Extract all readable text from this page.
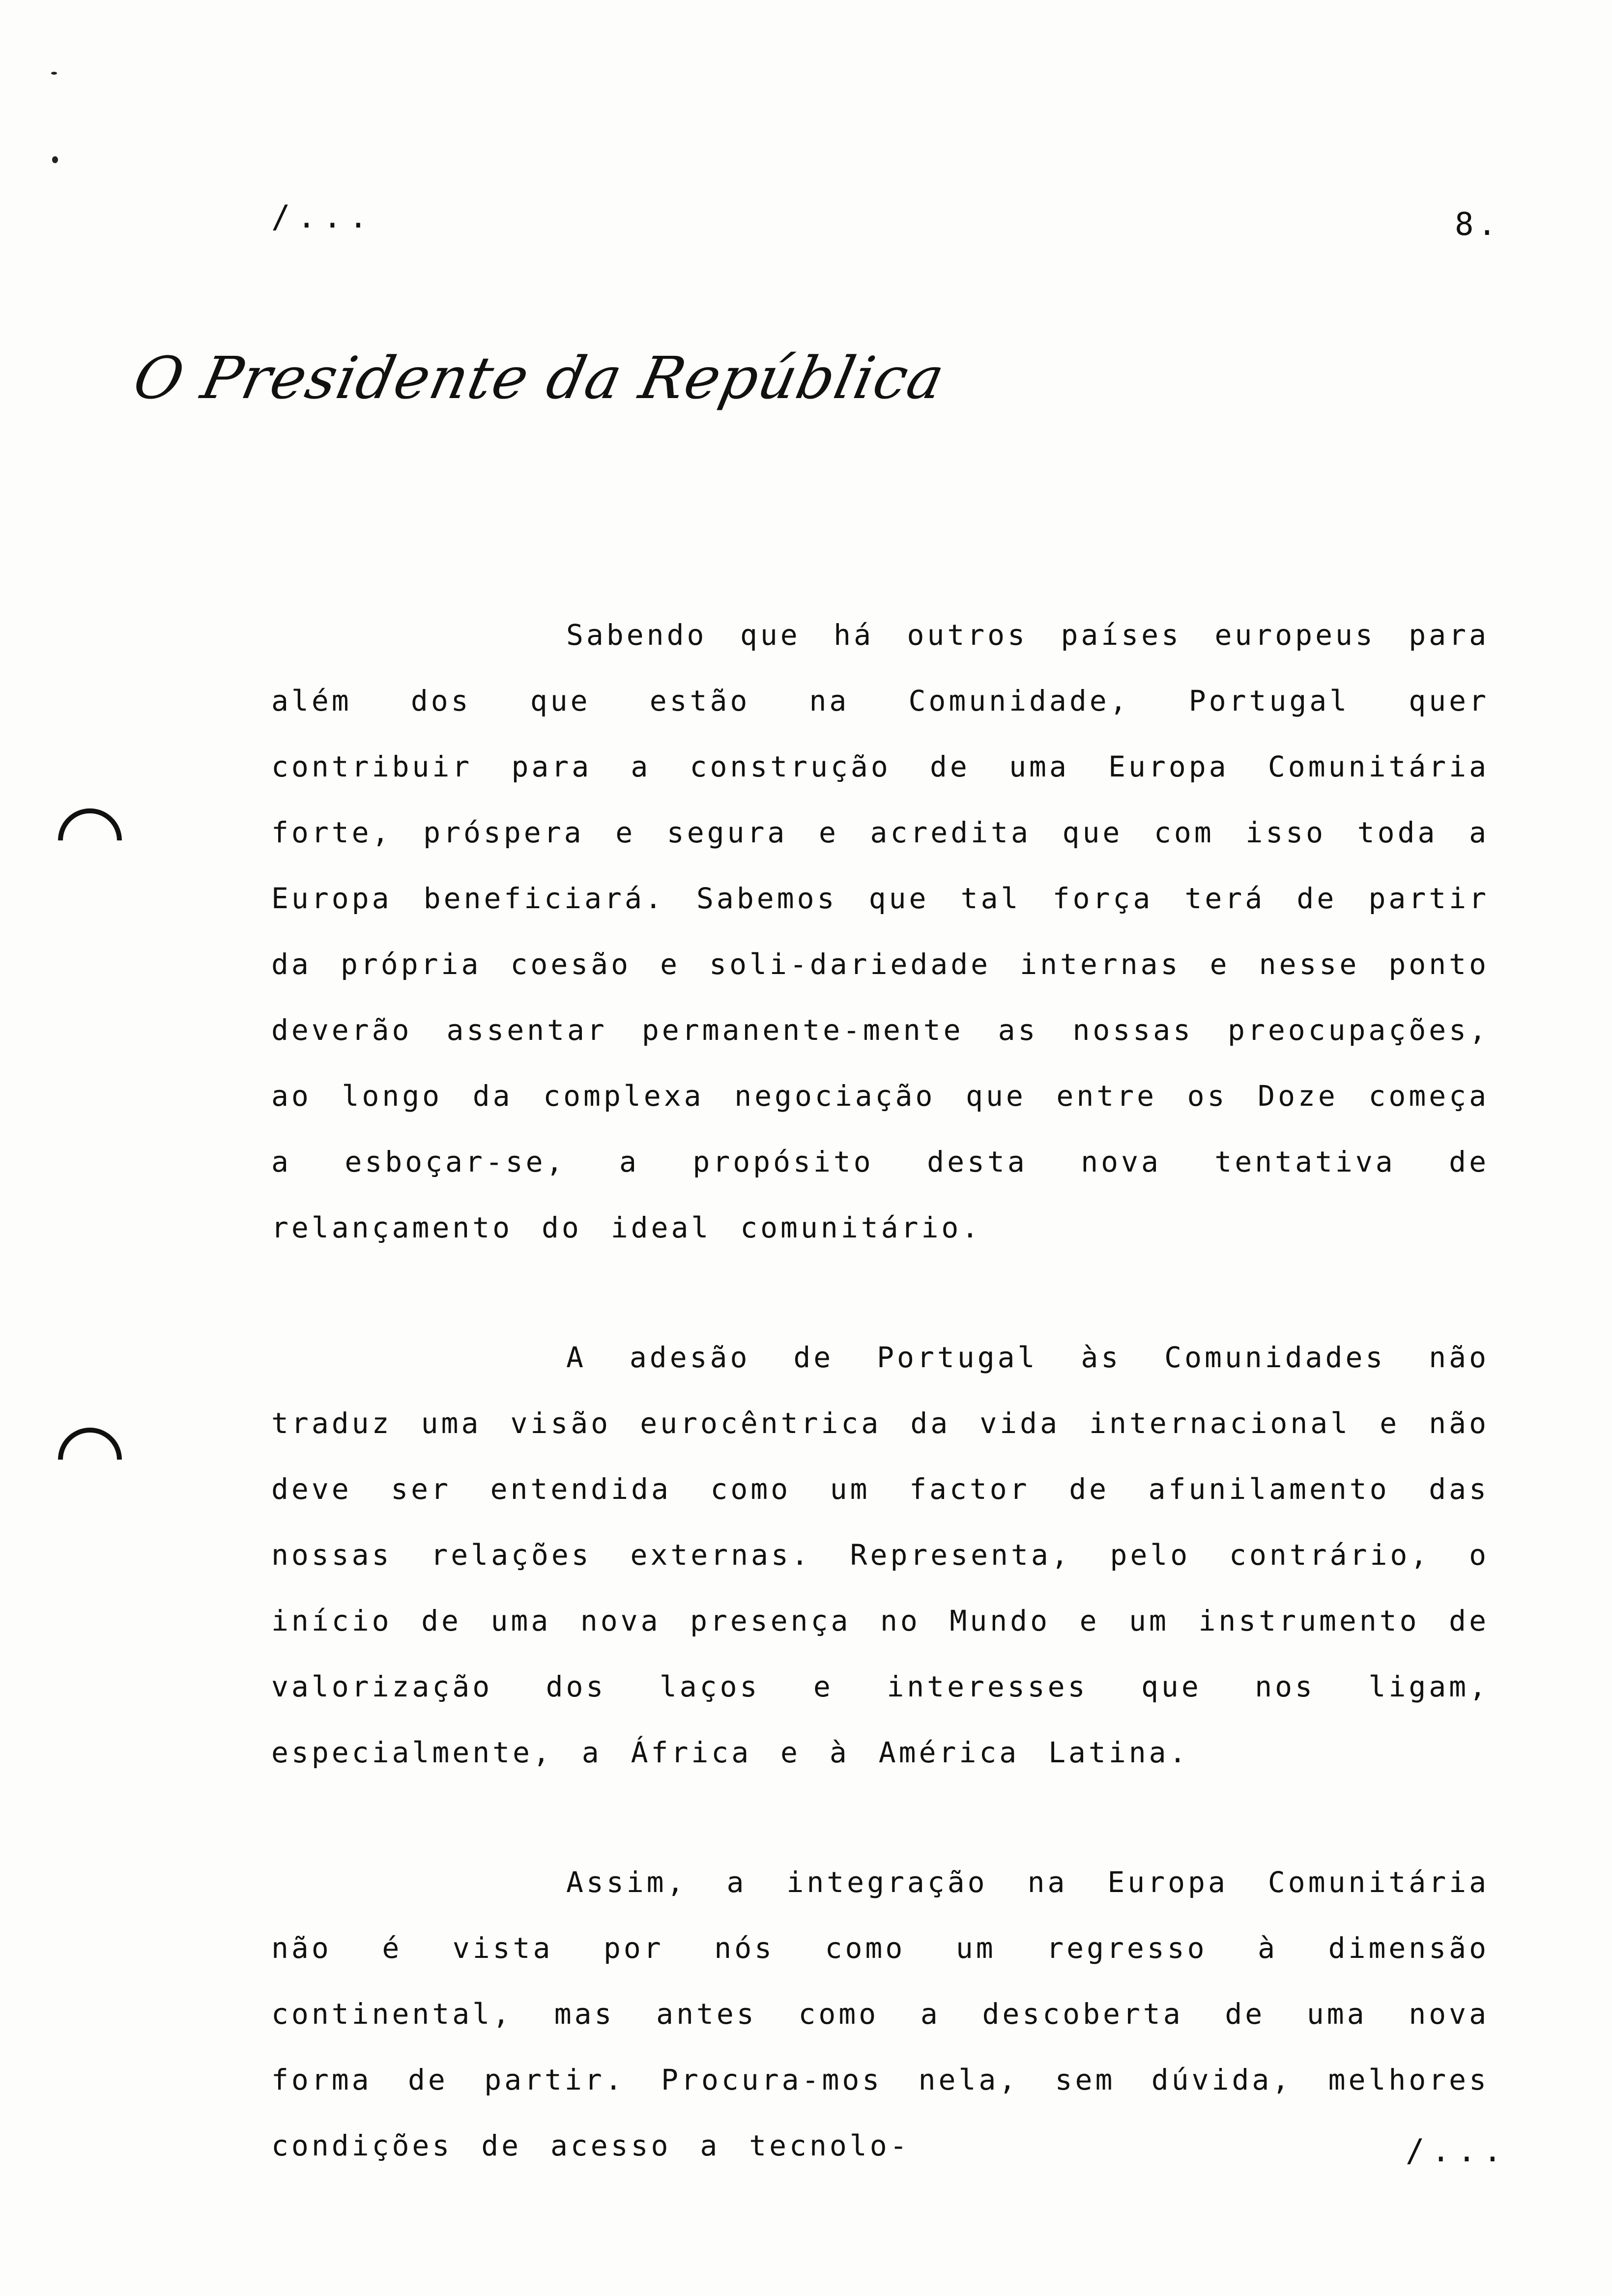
/...	8.
O Presidente da República

Sabendo que há outros países europeus para além dos que estão na Comunidade, Portugal quer contribuir para a construção de uma Europa Comunitária forte, próspera e segura e acredita que com isso toda a Europa beneficiará. Sabemos que tal força terá de partir da própria coesão e soli-dariedade internas e nesse ponto deverão assentar permanente-mente as nossas preocupações, ao longo da complexa negociação que entre os Doze começa a esboçar-se, a propósito desta nova tentativa de relançamento do ideal comunitário.

A adesão de Portugal às Comunidades não traduz uma visão eurocêntrica da vida internacional e não deve ser entendida como um factor de afunilamento das nossas relações externas. Representa, pelo contrário, o início de uma nova presença no Mundo e um instrumento de valorização dos laços e interesses que nos ligam, especialmente, a África e à América Latina.

Assim, a integração na Europa Comunitária não é vista por nós como um regresso à dimensão continental, mas antes como a descoberta de uma nova forma de partir. Procura-mos nela, sem dúvida, melhores condições de acesso a tecnolo-	/...
